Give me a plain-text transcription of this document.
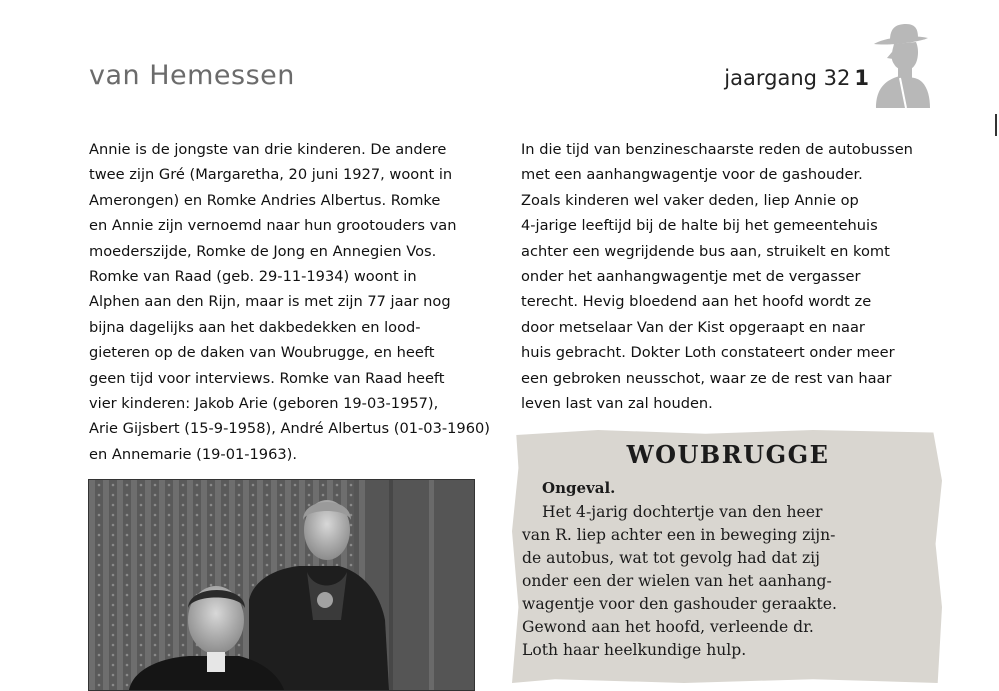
van Hemessen	jaargang 32 1
Annie is de jongste van drie kinderen. De andere
twee zijn Gré (Margaretha, 20 juni 1927, woont in
Amerongen) en Romke Andries Albertus. Romke
en Annie zijn vernoemd naar hun grootouders van
moederszijde, Romke de Jong en Annegien Vos.
Romke van Raad (geb. 29-11-1934) woont in
Alphen aan den Rijn, maar is met zijn 77 jaar nog
bijna dagelijks aan het dakbedekken en lood-
gieteren op de daken van Woubrugge, en heeft
geen tijd voor interviews. Romke van Raad heeft
vier kinderen: Jakob Arie (geboren 19-03-1957),
Arie Gijsbert (15-9-1958), André Albertus (01-03-1960)
en Annemarie (19-01-1963).
In die tijd van benzineschaarste reden de autobussen
met een aanhangwagentje voor de gashouder.
Zoals kinderen wel vaker deden, liep Annie op
4-jarige leeftijd bij de halte bij het gemeentehuis
achter een wegrijdende bus aan, struikelt en komt
onder het aanhangwagentje met de vergasser
terecht. Hevig bloedend aan het hoofd wordt ze
door metselaar Van der Kist opgeraapt en naar
huis gebracht. Dokter Loth constateert onder meer
een gebroken neusschot, waar ze de rest van haar
leven last van zal houden.
WOUBRUGGE
Ongeval.
Het 4-jarig dochtertje van den heer
van R. liep achter een in beweging zijn-
de autobus, wat tot gevolg had dat zij
onder een der wielen van het aanhang-
wagentje voor den gashouder geraakte.
Gewond aan het hoofd, verleende dr.
Loth haar heelkundige hulp.
